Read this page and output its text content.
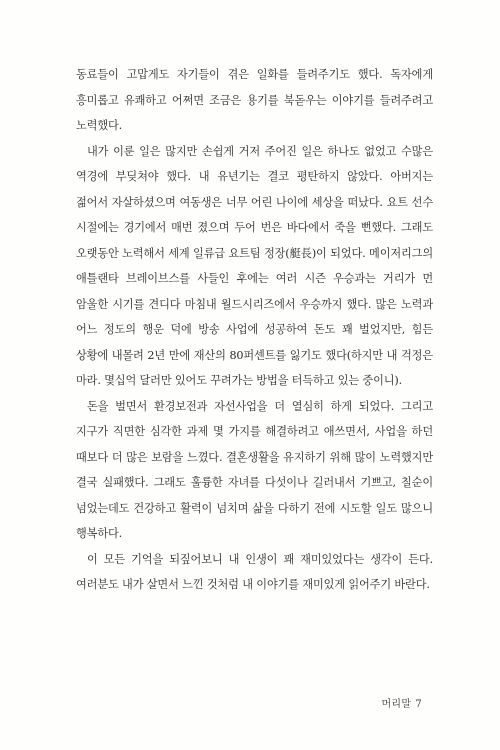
동료들이 고맙게도 자기들이 겪은 일화를 들려주기도 했다. 독자에게 흥미롭고 유쾌하고 어쩌면 조금은 용기를 북돋우는 이야기를 들려주려고 노력했다.

내가 이룬 일은 많지만 손쉽게 거저 주어진 일은 하나도 없었고 수많은 역경에 부딪쳐야 했다. 내 유년기는 결코 평탄하지 않았다. 아버지는 젊어서 자살하셨으며 여동생은 너무 어린 나이에 세상을 떠났다. 요트 선수 시절에는 경기에서 매번 졌으며 두어 번은 바다에서 죽을 뻔했다. 그래도 오랫동안 노력해서 세계 일류급 요트팀 정장(艇長)이 되었다. 메이저리그의 애틀랜타 브레이브스를 사들인 후에는 여러 시즌 우승과는 거리가 먼 암울한 시기를 견디다 마침내 월드시리즈에서 우승까지 했다. 많은 노력과 어느 정도의 행운 덕에 방송 사업에 성공하여 돈도 꽤 벌었지만, 힘든 상황에 내몰려 2년 만에 재산의 80퍼센트를 잃기도 했다(하지만 내 걱정은 마라. 몇십억 달러만 있어도 꾸려가는 방법을 터득하고 있는 중이니).

돈을 벌면서 환경보전과 자선사업을 더 열심히 하게 되었다. 그리고 지구가 직면한 심각한 과제 몇 가지를 해결하려고 애쓰면서, 사업을 하던 때보다 더 많은 보람을 느꼈다. 결혼생활을 유지하기 위해 많이 노력했지만 결국 실패했다. 그래도 훌륭한 자녀를 다섯이나 길러내서 기쁘고, 칠순이 넘었는데도 건강하고 활력이 넘치며 삶을 다하기 전에 시도할 일도 많으니 행복하다.

이 모든 기억을 되짚어보니 내 인생이 꽤 재미있었다는 생각이 든다. 여러분도 내가 살면서 느낀 것처럼 내 이야기를 재미있게 읽어주기 바란다.

머리말 7
